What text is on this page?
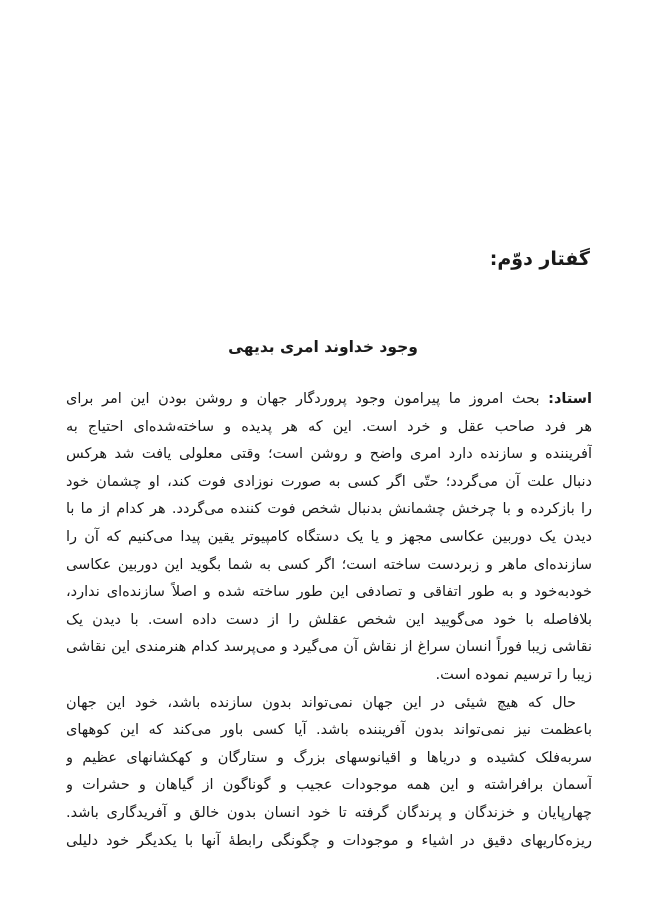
گفتار دوّم:
وجود خداوند امری بدیهی
استاد: بحث امروز ما پیرامون وجود پروردگار جهان و روشن بودن این امر برای
هر فرد صاحب عقل و خرد است. این که هر پدیده و ساخته‌شده‌ای احتیاج به
آفریننده و سازنده دارد امری واضح و روشن است؛ وقتی معلولی یافت شد هرکس
دنبال علت آن می‌گردد؛ حتّی اگر کسی به صورت نوزادی فوت کند، او چشمان خود
را بازکرده و با چرخش چشمانش بدنبال شخص فوت کننده می‌گردد. هر کدام از ما با
دیدن یک دوربین عکاسی مجهز و یا یک دستگاه کامپیوتر یقین پیدا می‌کنیم که آن را
سازنده‌ای ماهر و زبردست ساخته است؛ اگر کسی به شما بگوید این دوربین عکاسی
خودبه‌خود و به طور اتفاقی و تصادفی این طور ساخته شده و اصلاً سازنده‌ای ندارد،
بلافاصله با خود می‌گویید این شخص عقلش را از دست داده است. با دیدن یک
نقاشی زیبا فوراً انسان سراغ از نقاش آن می‌گیرد و می‌پرسد کدام هنرمندی این نقاشی
زیبا را ترسیم نموده است.
حال که هیچ شیئی در این جهان نمی‌تواند بدون سازنده باشد، خود این جهان
باعظمت نیز نمی‌تواند بدون آفریننده باشد. آیا کسی باور می‌کند که این کوههای
سربه‌فلک کشیده و دریاها و اقیانوسهای بزرگ و ستارگان و کهکشانهای عظیم و
آسمان برافراشته و این همه موجودات عجیب و گوناگون از گیاهان و حشرات و
چهارپایان و خزندگان و پرندگان گرفته تا خود انسان بدون خالق و آفریدگاری باشد.
ریزه‌کاریهای دقیق در اشیاء و موجودات و چگونگی رابطهٔ آنها با یکدیگر خود دلیلی
